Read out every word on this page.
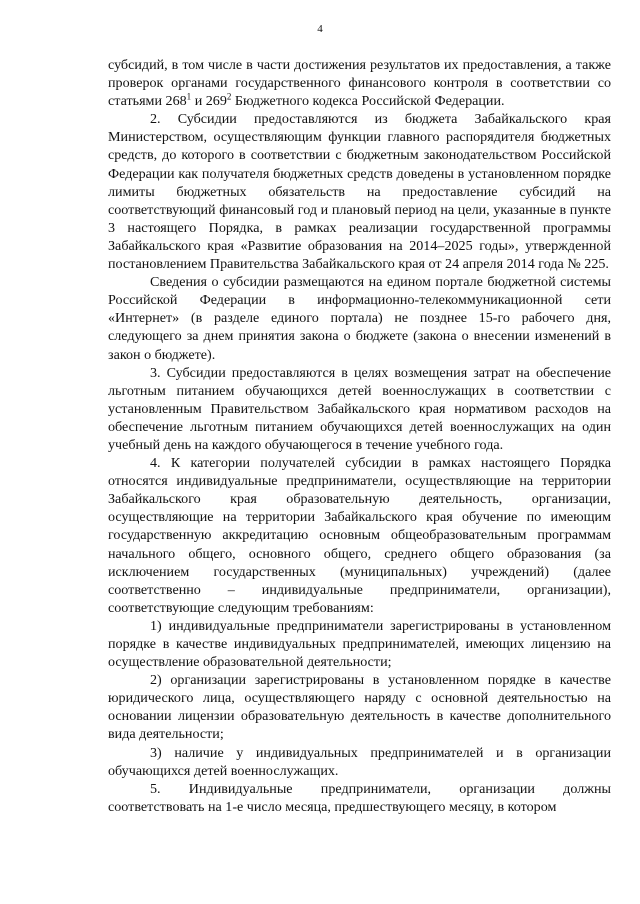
4

субсидий, в том числе в части достижения результатов их предоставления, а также проверок органами государственного финансового контроля в соответствии со статьями $268^1$ и $269^2$ Бюджетного кодекса Российской Федерации.

2. Субсидии предоставляются из бюджета Забайкальского края Министерством, осуществляющим функции главного распорядителя бюджетных средств, до которого в соответствии с бюджетным законодательством Российской Федерации как получателя бюджетных средств доведены в установленном порядке лимиты бюджетных обязательств на предоставление субсидий на соответствующий финансовый год и плановый период на цели, указанные в пункте 3 настоящего Порядка, в рамках реализации государственной программы Забайкальского края «Развитие образования на 2014–2025 годы», утвержденной постановлением Правительства Забайкальского края от 24 апреля 2014 года № 225.

Сведения о субсидии размещаются на едином портале бюджетной системы Российской Федерации в информационно-телекоммуникационной сети «Интернет» (в разделе единого портала) не позднее 15-го рабочего дня, следующего за днем принятия закона о бюджете (закона о внесении изменений в закон о бюджете).

3. Субсидии предоставляются в целях возмещения затрат на обеспечение льготным питанием обучающихся детей военнослужащих в соответствии с установленным Правительством Забайкальского края нормативом расходов на обеспечение льготным питанием обучающихся детей военнослужащих на один учебный день на каждого обучающегося в течение учебного года.

4. К категории получателей субсидии в рамках настоящего Порядка относятся индивидуальные предприниматели, осуществляющие на территории Забайкальского края образовательную деятельность, организации, осуществляющие на территории Забайкальского края обучение по имеющим государственную аккредитацию основным общеобразовательным программам начального общего, основного общего, среднего общего образования (за исключением государственных (муниципальных) учреждений) (далее соответственно – индивидуальные предприниматели, организации), соответствующие следующим требованиям:

1) индивидуальные предприниматели зарегистрированы в установленном порядке в качестве индивидуальных предпринимателей, имеющих лицензию на осуществление образовательной деятельности;

2) организации зарегистрированы в установленном порядке в качестве юридического лица, осуществляющего наряду с основной деятельностью на основании лицензии образовательную деятельность в качестве дополнительного вида деятельности;

3) наличие у индивидуальных предпринимателей и в организации обучающихся детей военнослужащих.

5. Индивидуальные предприниматели, организации должны соответствовать на 1-е число месяца, предшествующего месяцу, в котором
